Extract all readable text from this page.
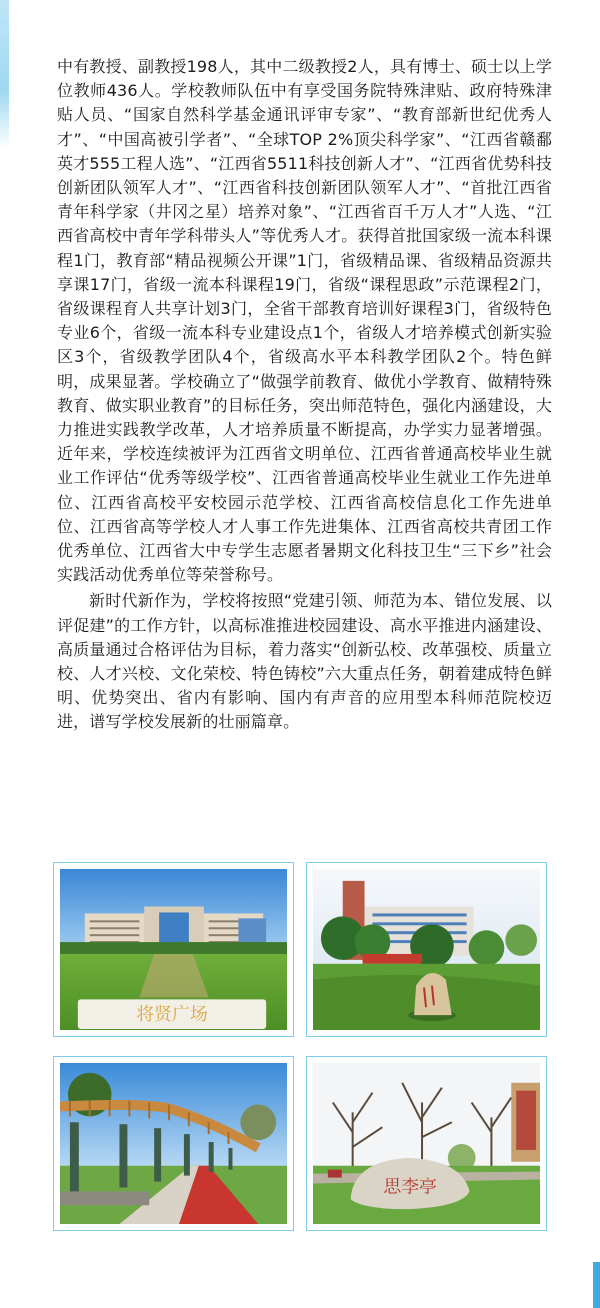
中有教授、副教授198人，其中二级教授2人，具有博士、硕士以上学位教师436人。学校教师队伍中有享受国务院特殊津贴、政府特殊津贴人员、“国家自然科学基金通讯评审专家”、“教育部新世纪优秀人才”、“中国高被引学者”、“全球TOP 2%顶尖科学家”、“江西省赣鄱英才555工程人选”、“江西省5511科技创新人才”、“江西省优势科技创新团队领军人才”、“江西省科技创新团队领军人才”、“首批江西省青年科学家（井冈之星）培养对象”、“江西省百千万人才”人选、“江西省高校中青年学科带头人”等优秀人才。获得首批国家级一流本科课程1门，教育部“精品视频公开课”1门，省级精品课、省级精品资源共享课17门，省级一流本科课程19门，省级“课程思政”示范课程2门，省级课程育人共享计划3门，全省干部教育培训好课程3门，省级特色专业6个，省级一流本科专业建设点1个，省级人才培养模式创新实验区3个，省级教学团队4个，省级高水平本科教学团队2个。特色鲜明，成果显著。学校确立了“做强学前教育、做优小学教育、做精特殊教育、做实职业教育”的目标任务，突出师范特色，强化内涵建设，大力推进实践教学改革，人才培养质量不断提高，办学实力显著增强。近年来，学校连续被评为江西省文明单位、江西省普通高校毕业生就业工作评估“优秀等级学校”、江西省普通高校毕业生就业工作先进单位、江西省高校平安校园示范学校、江西省高校信息化工作先进单位、江西省高等学校人才人事工作先进集体、江西省高校共青团工作优秀单位、江西省大中专学生志愿者暑期文化科技卫生“三下乡”社会实践活动优秀单位等荣誉称号。

新时代新作为，学校将按照“党建引领、师范为本、错位发展、以评促建”的工作方针，以高标准推进校园建设、高水平推进内涵建设、高质量通过合格评估为目标，着力落实“创新弘校、改革强校、质量立校、人才兴校、文化荣校、特色铸校”六大重点任务，朝着建成特色鲜明、优势突出、省内有影响、国内有声音的应用型本科师范院校迈进，谱写学校发展新的壮丽篇章。

将贤广场
思李亭
